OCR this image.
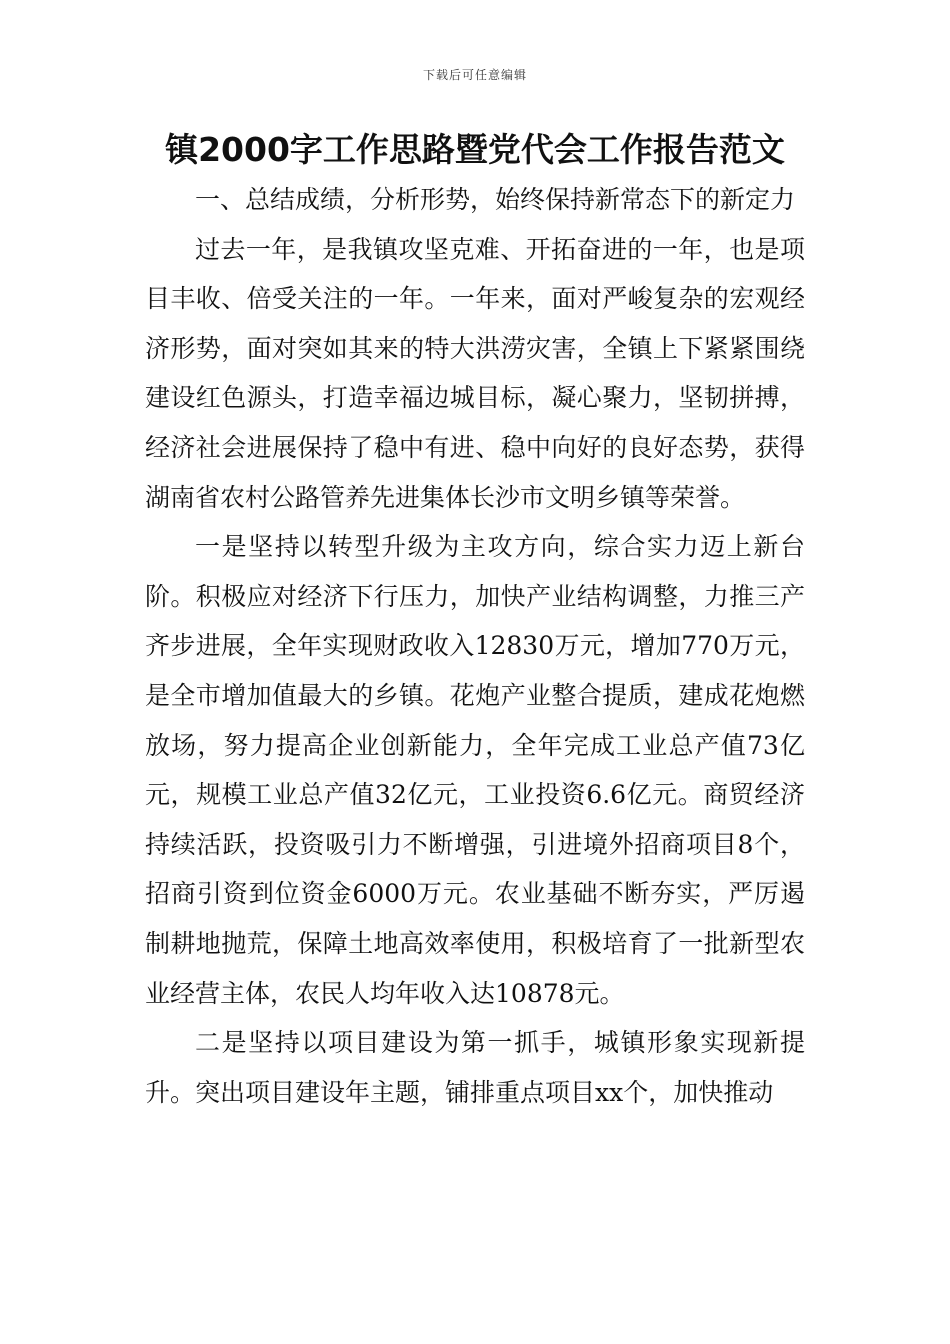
下载后可任意编辑
镇2000字工作思路暨党代会工作报告范文

一、总结成绩，分析形势，始终保持新常态下的新定力

过去一年，是我镇攻坚克难、开拓奋进的一年，也是项目丰收、倍受关注的一年。一年来，面对严峻复杂的宏观经济形势，面对突如其来的特大洪涝灾害，全镇上下紧紧围绕建设红色源头，打造幸福边城目标，凝心聚力，坚韧拼搏，经济社会进展保持了稳中有进、稳中向好的良好态势，获得湖南省农村公路管养先进集体长沙市文明乡镇等荣誉。

一是坚持以转型升级为主攻方向，综合实力迈上新台阶。积极应对经济下行压力，加快产业结构调整，力推三产齐步进展，全年实现财政收入12830万元，增加770万元，是全市增加值最大的乡镇。花炮产业整合提质，建成花炮燃放场，努力提高企业创新能力，全年完成工业总产值73亿元，规模工业总产值32亿元，工业投资6.6亿元。商贸经济持续活跃，投资吸引力不断增强，引进境外招商项目8个，招商引资到位资金6000万元。农业基础不断夯实，严厉遏制耕地抛荒，保障土地高效率使用，积极培育了一批新型农业经营主体，农民人均年收入达10878元。

二是坚持以项目建设为第一抓手，城镇形象实现新提升。突出项目建设年主题，铺排重点项目xx个，加快推动
